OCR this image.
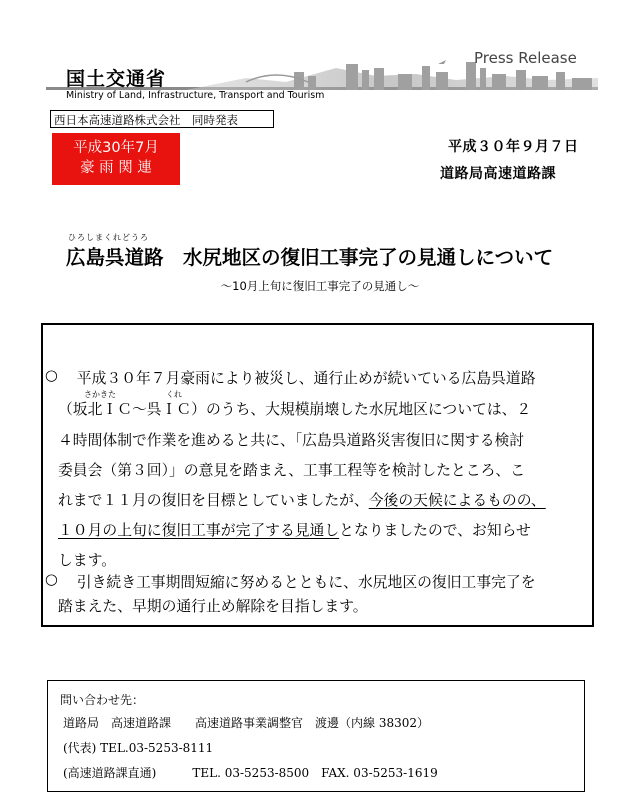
国土交通省
Ministry of Land, Infrastructure, Transport and Tourism
Press Release
西日本高速道路株式会社　同時発表
平成30年7月
豪 雨 関 連
平成３０年９月７日
道路局高速道路課
ひろしまくれどうろ
広島呉道路　水尻地区の復旧工事完了の見通しについて
～10月上旬に復旧工事完了の見通し～
○ 　平成３０年７月豪雨により被災し、通行止めが続いている広島呉道路
さかきた	くれ
（坂北ＩＣ～呉ＩＣ）のうち、大規模崩壊した水尻地区については、２
４時間体制で作業を進めると共に、「広島呉道路災害復旧に関する検討
委員会（第３回）」の意見を踏まえ、工事工程等を検討したところ、こ
れまで１１月の復旧を目標としていましたが、今後の天候によるものの、
１０月の上旬に復旧工事が完了する見通しとなりましたので、お知らせ
します。
○ 　引き続き工事期間短縮に努めるとともに、水尻地区の復旧工事完了を
踏まえた、早期の通行止め解除を目指します。
問い合わせ先：
道路局　高速道路課　　高速道路事業調整官　渡邊（内線 38302）
(代表) TEL.03-5253-8111
(高速道路課直通)　　　TEL. 03-5253-8500　FAX. 03-5253-1619
